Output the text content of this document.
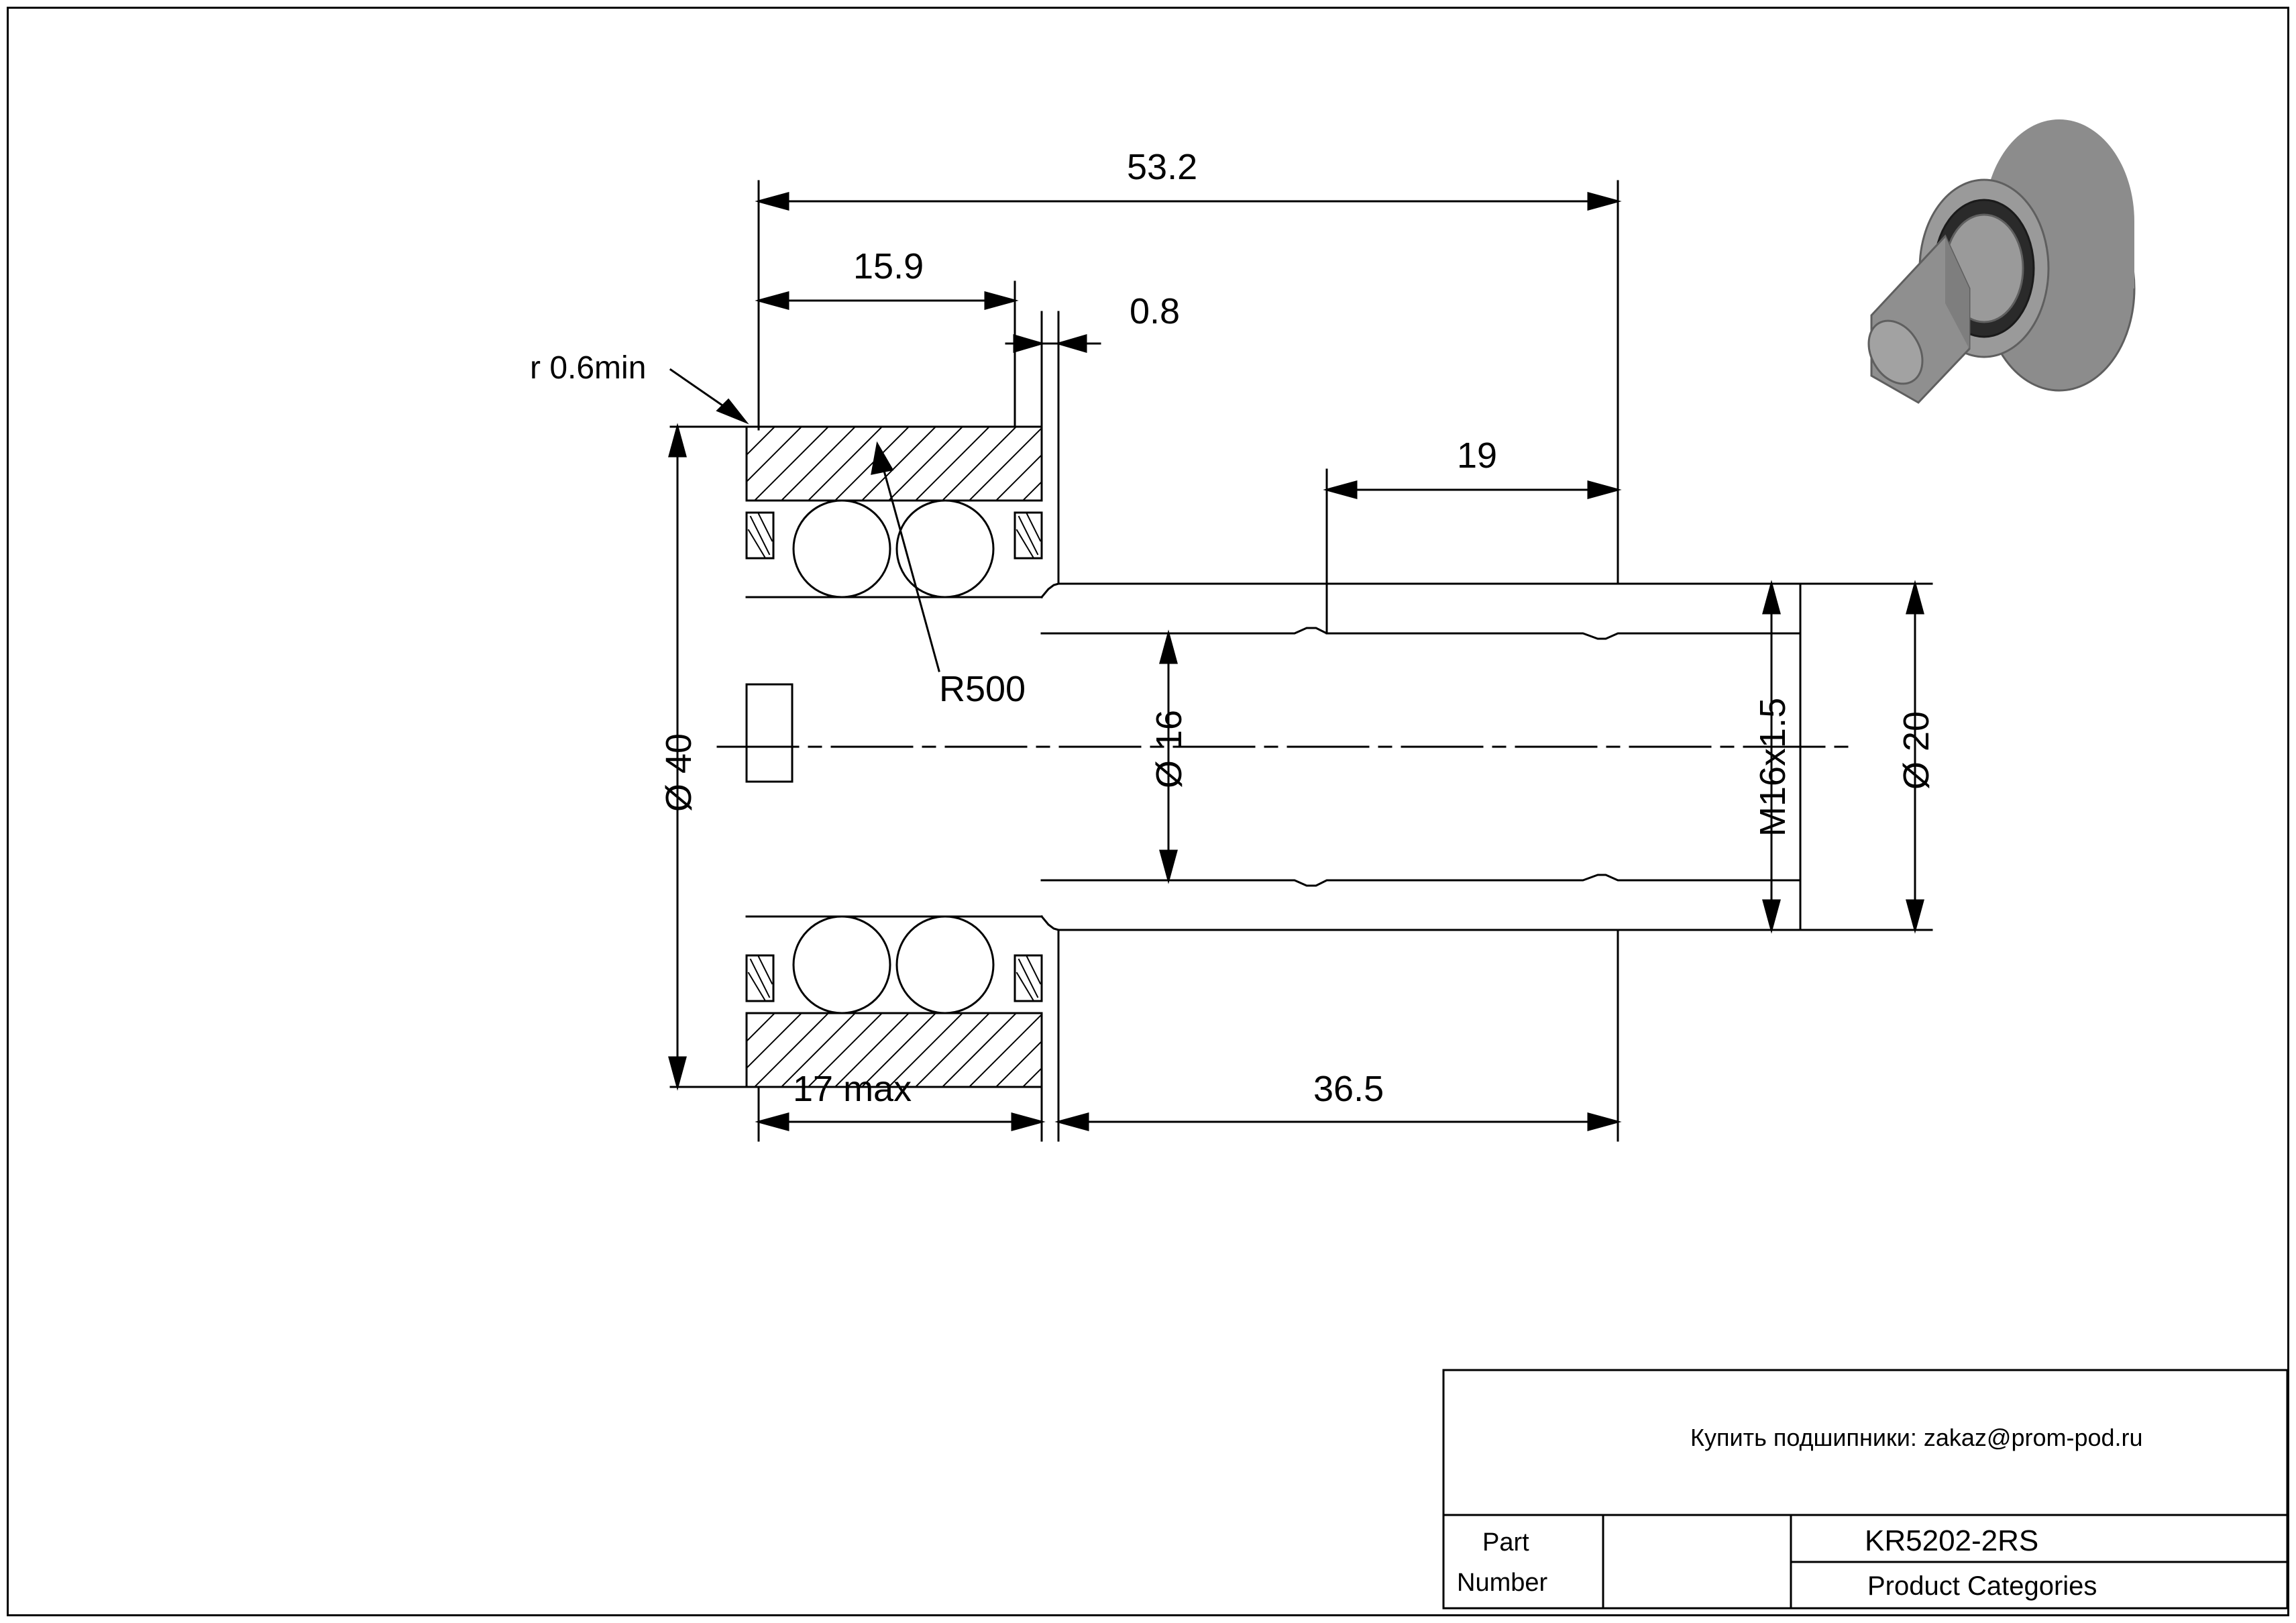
53.2
15.9
0.8
19
36.5
17 max
Ø 40	Ø 16	Ø 20
M16x1.5
R500
r 0.6min
Купить подшипники: zakaz@prom-pod.ru
Part
Number
KR5202-2RS
Product Categories
